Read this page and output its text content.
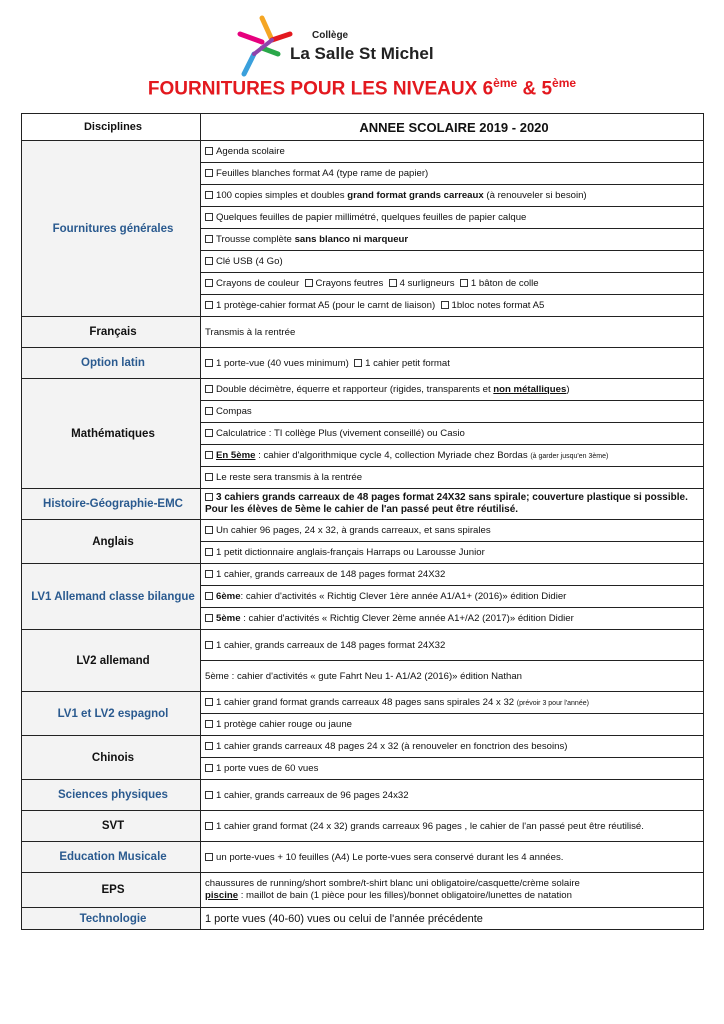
Collège
La Salle St Michel
FOURNITURES POUR LES NIVEAUX 6ème & 5ème
Disciplines	ANNEE SCOLAIRE 2019 - 2020
Fournitures générales	Agenda scolaire
	Feuilles blanches format A4 (type rame de papier)
	100 copies simples et doubles grand format grands carreaux (à renouveler si besoin)
	Quelques feuilles de papier millimétré, quelques feuilles de papier calque
	Trousse complète sans blanco ni marqueur
	Clé USB (4 Go)
	Crayons de couleur Crayons feutres 4 surligneurs 1 bâton de colle
	1 protège-cahier format A5 (pour le carnt de liaison) 1bloc notes format A5
Français	Transmis à la rentrée
Option latin	1 porte-vue (40 vues minimum) 1 cahier petit format
Mathématiques	Double décimètre, équerre et rapporteur (rigides, transparents et non métalliques)
	Compas
	Calculatrice : TI collège Plus (vivement conseillé) ou Casio
	En 5ème : cahier d'algorithmique cycle 4, collection Myriade chez Bordas (à garder jusqu'en 3ème)
	Le reste sera transmis à la rentrée
Histoire-Géographie-EMC	3 cahiers grands carreaux de 48 pages format 24X32 sans spirale; couverture plastique si possible. Pour les élèves de 5ème le cahier de l'an passé peut être réutilisé.
Anglais	Un cahier 96 pages, 24 x 32, à grands carreaux, et sans spirales
	1 petit dictionnaire anglais-français Harraps ou Larousse Junior
LV1 Allemand classe bilangue	1 cahier, grands carreaux de 148 pages format 24X32
	6ème: cahier d'activités « Richtig Clever 1ère année A1/A1+ (2016)» édition Didier
	5ème : cahier d'activités « Richtig Clever 2ème année A1+/A2 (2017)» édition Didier
LV2 allemand	1 cahier, grands carreaux de 148 pages format 24X32
	5ème : cahier d'activités « gute Fahrt Neu 1- A1/A2 (2016)» édition Nathan
LV1 et LV2 espagnol	1 cahier grand format grands carreaux 48 pages sans spirales 24 x 32 (prévoir 3 pour l'année)
	1 protège cahier rouge ou jaune
Chinois	1 cahier grands carreaux 48 pages 24 x 32 (à renouveler en fonctrion des besoins)
	1 porte vues de 60 vues
Sciences physiques	1 cahier, grands carreaux de 96 pages 24x32
SVT	1 cahier grand format (24 x 32) grands carreaux 96 pages , le cahier de l'an passé peut être réutilisé.
Education Musicale	un porte-vues + 10 feuilles (A4) Le porte-vues sera conservé durant les 4 années.
EPS	chaussures de running/short sombre/t-shirt blanc uni obligatoire/casquette/crème solaire
piscine : maillot de bain (1 pièce pour les filles)/bonnet obligatoire/lunettes de natation
Technologie	1 porte vues (40-60) vues ou celui de l'année précédente
